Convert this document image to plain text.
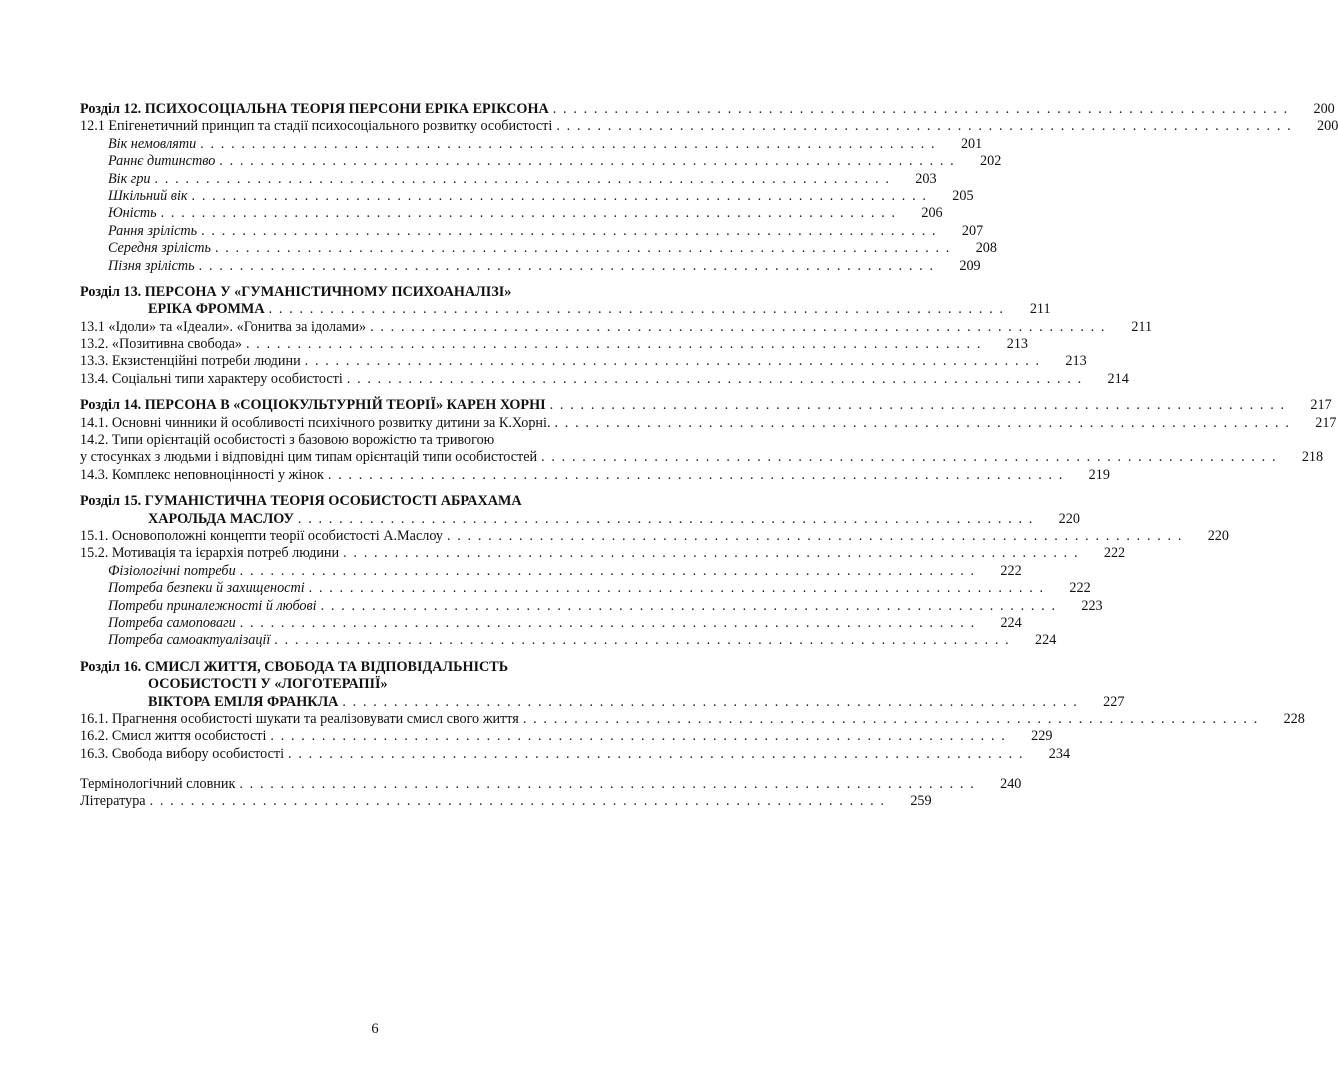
Розділ 12. ПСИХОСОЦІАЛЬНА ТЕОРІЯ ПЕРСОНИ ЕРІКА ЕРІКСОНА . . . . . . . . . . . . . . . . . . . . . . . . . . . . . . . . . . . . . . . . . . . . . . . . . . . . . . . . . . . . . . . . . . . . . . . .	200
12.1 Епігенетичний принцип та стадії психосоціального розвитку особистості . . . . . . . . . . . . . . . . . . . . . . . . . . . . . . . . . . . . . . . . . . . . . . . . . . . . . . . . . . . . . . . . . . . . . . . .	200
Вік немовляти . . . . . . . . . . . . . . . . . . . . . . . . . . . . . . . . . . . . . . . . . . . . . . . . . . . . . . . . . . . . . . . . . . . . . . . .	201
Раннє дитинство . . . . . . . . . . . . . . . . . . . . . . . . . . . . . . . . . . . . . . . . . . . . . . . . . . . . . . . . . . . . . . . . . . . . . . . .	202
Вік гри . . . . . . . . . . . . . . . . . . . . . . . . . . . . . . . . . . . . . . . . . . . . . . . . . . . . . . . . . . . . . . . . . . . . . . . .	203
Шкільний вік . . . . . . . . . . . . . . . . . . . . . . . . . . . . . . . . . . . . . . . . . . . . . . . . . . . . . . . . . . . . . . . . . . . . . . . .	205
Юність . . . . . . . . . . . . . . . . . . . . . . . . . . . . . . . . . . . . . . . . . . . . . . . . . . . . . . . . . . . . . . . . . . . . . . . .	206
Рання зрілість . . . . . . . . . . . . . . . . . . . . . . . . . . . . . . . . . . . . . . . . . . . . . . . . . . . . . . . . . . . . . . . . . . . . . . . .	207
Середня зрілість . . . . . . . . . . . . . . . . . . . . . . . . . . . . . . . . . . . . . . . . . . . . . . . . . . . . . . . . . . . . . . . . . . . . . . . .	208
Пізня зрілість . . . . . . . . . . . . . . . . . . . . . . . . . . . . . . . . . . . . . . . . . . . . . . . . . . . . . . . . . . . . . . . . . . . . . . . .	209
Розділ 13. ПЕРСОНА У «ГУМАНІСТИЧНОМУ ПСИХОАНАЛІЗІ»
ЕРІКА ФРОММА . . . . . . . . . . . . . . . . . . . . . . . . . . . . . . . . . . . . . . . . . . . . . . . . . . . . . . . . . . . . . . . . . . . . . . . .	211
13.1 «Ідоли» та «Ідеали». «Гонитва за ідолами» . . . . . . . . . . . . . . . . . . . . . . . . . . . . . . . . . . . . . . . . . . . . . . . . . . . . . . . . . . . . . . . . . . . . . . . .	211
13.2. «Позитивна свобода» . . . . . . . . . . . . . . . . . . . . . . . . . . . . . . . . . . . . . . . . . . . . . . . . . . . . . . . . . . . . . . . . . . . . . . . .	213
13.3. Екзистенційні потреби людини . . . . . . . . . . . . . . . . . . . . . . . . . . . . . . . . . . . . . . . . . . . . . . . . . . . . . . . . . . . . . . . . . . . . . . . .	213
13.4. Соціальні типи характеру особистості . . . . . . . . . . . . . . . . . . . . . . . . . . . . . . . . . . . . . . . . . . . . . . . . . . . . . . . . . . . . . . . . . . . . . . . .	214
Розділ 14. ПЕРСОНА В «СОЦІОКУЛЬТУРНІЙ ТЕОРІЇ» КАРЕН ХОРНІ . . . . . . . . . . . . . . . . . . . . . . . . . . . . . . . . . . . . . . . . . . . . . . . . . . . . . . . . . . . . . . . . . . . . . . . .	217
14.1. Основні чинники й особливості психічного розвитку дитини за К.Хорні. . . . . . . . . . . . . . . . . . . . . . . . . . . . . . . . . . . . . . . . . . . . . . . . . . . . . . . . . . . . . . . . . . . . . . . . .	217
14.2. Типи орієнтацій особистості з базовою ворожістю та тривогою
у стосунках з людьми і відповідні цим типам орієнтацій типи особистостей . . . . . . . . . . . . . . . . . . . . . . . . . . . . . . . . . . . . . . . . . . . . . . . . . . . . . . . . . . . . . . . . . . . . . . . .	218
14.3. Комплекс неповноцінності у жінок . . . . . . . . . . . . . . . . . . . . . . . . . . . . . . . . . . . . . . . . . . . . . . . . . . . . . . . . . . . . . . . . . . . . . . . .	219
Розділ 15. ГУМАНІСТИЧНА ТЕОРІЯ ОСОБИСТОСТІ АБРАХАМА
ХАРОЛЬДА МАСЛОУ . . . . . . . . . . . . . . . . . . . . . . . . . . . . . . . . . . . . . . . . . . . . . . . . . . . . . . . . . . . . . . . . . . . . . . . .	220
15.1. Основоположні концепти теорії особистості А.Маслоу . . . . . . . . . . . . . . . . . . . . . . . . . . . . . . . . . . . . . . . . . . . . . . . . . . . . . . . . . . . . . . . . . . . . . . . .	220
15.2. Мотивація та ієрархія потреб людини . . . . . . . . . . . . . . . . . . . . . . . . . . . . . . . . . . . . . . . . . . . . . . . . . . . . . . . . . . . . . . . . . . . . . . . .	222
Фізіологічні потреби . . . . . . . . . . . . . . . . . . . . . . . . . . . . . . . . . . . . . . . . . . . . . . . . . . . . . . . . . . . . . . . . . . . . . . . .	222
Потреба безпеки й захищеності . . . . . . . . . . . . . . . . . . . . . . . . . . . . . . . . . . . . . . . . . . . . . . . . . . . . . . . . . . . . . . . . . . . . . . . .	222
Потреби приналежності й любові . . . . . . . . . . . . . . . . . . . . . . . . . . . . . . . . . . . . . . . . . . . . . . . . . . . . . . . . . . . . . . . . . . . . . . . .	223
Потреба самоповаги . . . . . . . . . . . . . . . . . . . . . . . . . . . . . . . . . . . . . . . . . . . . . . . . . . . . . . . . . . . . . . . . . . . . . . . .	224
Потреба самоактуалізації . . . . . . . . . . . . . . . . . . . . . . . . . . . . . . . . . . . . . . . . . . . . . . . . . . . . . . . . . . . . . . . . . . . . . . . .	224
Розділ 16. СМИСЛ ЖИТТЯ, СВОБОДА ТА ВІДПОВІДАЛЬНІСТЬ
ОСОБИСТОСТІ У «ЛОГОТЕРАПІЇ»
ВІКТОРА ЕМІЛЯ ФРАНКЛА . . . . . . . . . . . . . . . . . . . . . . . . . . . . . . . . . . . . . . . . . . . . . . . . . . . . . . . . . . . . . . . . . . . . . . . .	227
16.1. Прагнення особистості шукати та реалізовувати смисл свого життя . . . . . . . . . . . . . . . . . . . . . . . . . . . . . . . . . . . . . . . . . . . . . . . . . . . . . . . . . . . . . . . . . . . . . . . .	228
16.2. Смисл життя особистості . . . . . . . . . . . . . . . . . . . . . . . . . . . . . . . . . . . . . . . . . . . . . . . . . . . . . . . . . . . . . . . . . . . . . . . .	229
16.3. Свобода вибору особистості . . . . . . . . . . . . . . . . . . . . . . . . . . . . . . . . . . . . . . . . . . . . . . . . . . . . . . . . . . . . . . . . . . . . . . . .	234
Термінологічний словник . . . . . . . . . . . . . . . . . . . . . . . . . . . . . . . . . . . . . . . . . . . . . . . . . . . . . . . . . . . . . . . . . . . . . . . .	240
Література . . . . . . . . . . . . . . . . . . . . . . . . . . . . . . . . . . . . . . . . . . . . . . . . . . . . . . . . . . . . . . . . . . . . . . . .	259
6
